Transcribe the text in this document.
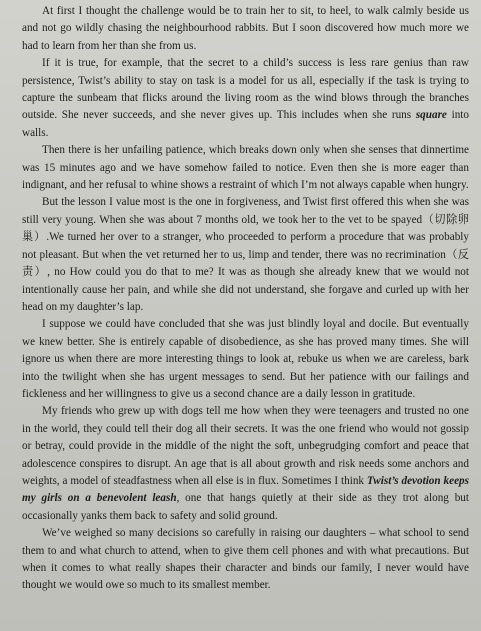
At first I thought the challenge would be to train her to sit, to heel, to walk calmly beside us and not go wildly chasing the neighbourhood rabbits. But I soon discovered how much more we had to learn from her than she from us.

If it is true, for example, that the secret to a child’s success is less rare genius than raw persistence, Twist’s ability to stay on task is a model for us all, especially if the task is trying to capture the sunbeam that flicks around the living room as the wind blows through the branches outside. She never succeeds, and she never gives up. This includes when she runs square into walls.

Then there is her unfailing patience, which breaks down only when she senses that dinnertime was 15 minutes ago and we have somehow failed to notice. Even then she is more eager than indignant, and her refusal to whine shows a restraint of which I’m not always capable when hungry.

But the lesson I value most is the one in forgiveness, and Twist first offered this when she was still very young. When she was about 7 months old, we took her to the vet to be spayed（切除卵巢）.We turned her over to a stranger, who proceeded to perform a procedure that was probably not pleasant. But when the vet returned her to us, limp and tender, there was no recrimination（反责）, no How could you do that to me? It was as though she already knew that we would not intentionally cause her pain, and while she did not understand, she forgave and curled up with her head on my daughter’s lap.

I suppose we could have concluded that she was just blindly loyal and docile. But eventually we knew better. She is entirely capable of disobedience, as she has proved many times. She will ignore us when there are more interesting things to look at, rebuke us when we are careless, bark into the twilight when she has urgent messages to send. But her patience with our failings and fickleness and her willingness to give us a second chance are a daily lesson in gratitude.

My friends who grew up with dogs tell me how when they were teenagers and trusted no one in the world, they could tell their dog all their secrets. It was the one friend who would not gossip or betray, could provide in the middle of the night the soft, unbegrudging comfort and peace that adolescence conspires to disrupt. An age that is all about growth and risk needs some anchors and weights, a model of steadfastness when all else is in flux. Sometimes I think Twist’s devotion keeps my girls on a benevolent leash, one that hangs quietly at their side as they trot along but occasionally yanks them back to safety and solid ground.

We’ve weighed so many decisions so carefully in raising our daughters – what school to send them to and what church to attend, when to give them cell phones and with what precautions. But when it comes to what really shapes their character and binds our family, I never would have thought we would owe so much to its smallest member.
